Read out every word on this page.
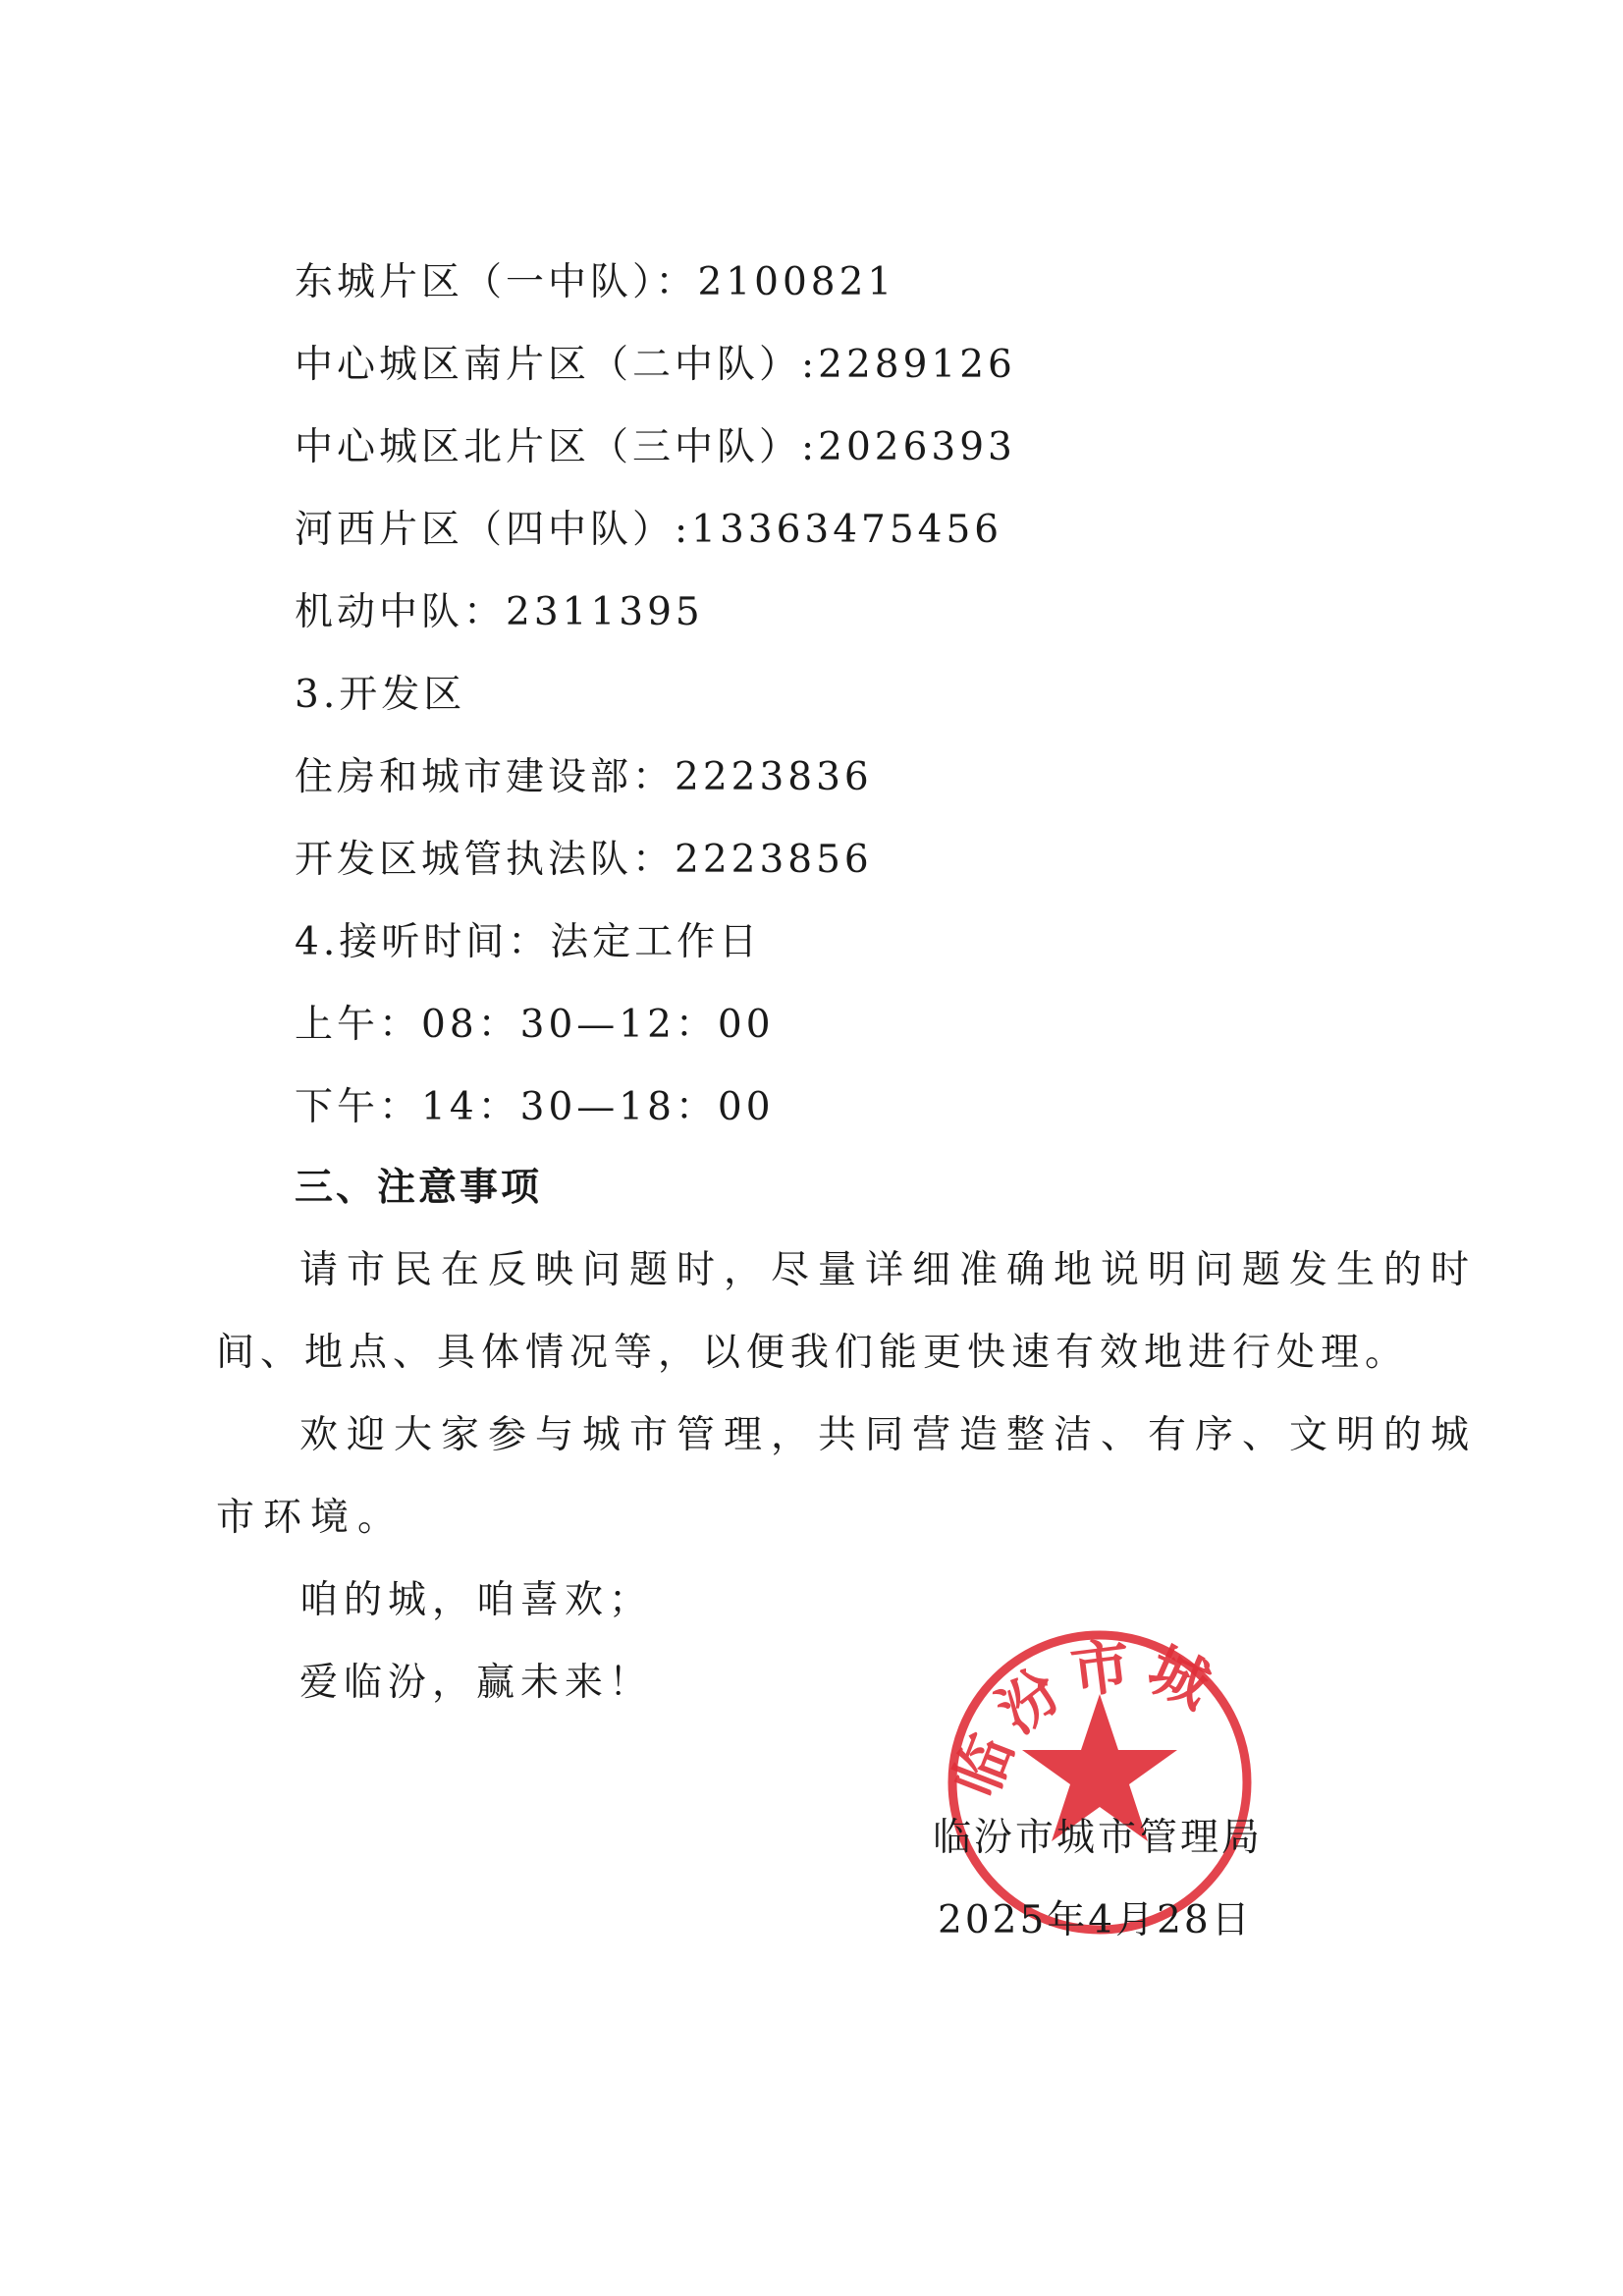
东城片区（一中队）：2100821
中心城区南片区（二中队）:2289126
中心城区北片区（三中队）:2026393
河西片区（四中队）:13363475456
机动中队：2311395
3.开发区
住房和城市建设部：2223836
开发区城管执法队：2223856
4.接听时间：法定工作日
上午：08：30—12：00
下午：14：30—18：00
三、注意事项
请市民在反映问题时，尽量详细准确地说明问题发生的时
间、地点、具体情况等，以便我们能更快速有效地进行处理。
欢迎大家参与城市管理，共同营造整洁、有序、文明的城
市环境。
咱的城，咱喜欢；
爱临汾，赢未来！
临汾市城
临汾市城市管理局
2025年4月28日
